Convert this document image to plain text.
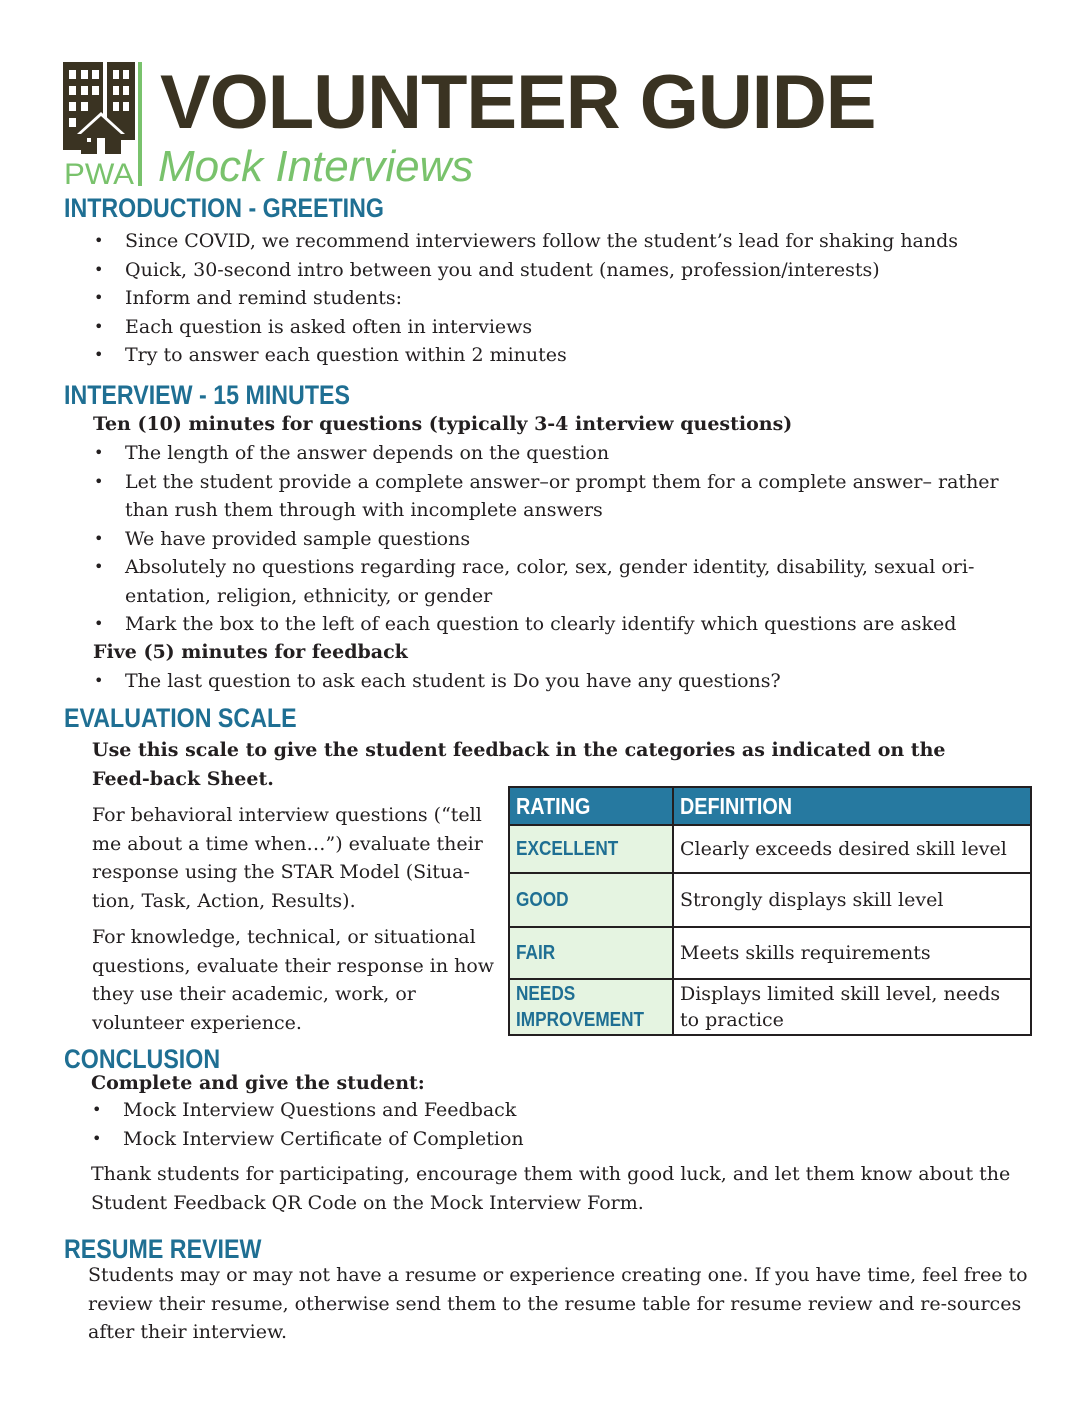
PWA
VOLUNTEER GUIDE
Mock Interviews
INTRODUCTION - GREETING
• Since COVID, we recommend interviewers follow the student’s lead for shaking hands
• Quick, 30-second intro between you and student (names, profession/interests)
• Inform and remind students:
• Each question is asked often in interviews
• Try to answer each question within 2 minutes
INTERVIEW - 15 MINUTES
Ten (10) minutes for questions (typically 3-4 interview questions)
• The length of the answer depends on the question
• Let the student provide a complete answer–or prompt them for a complete answer– rather than rush them through with incomplete answers
• We have provided sample questions
• Absolutely no questions regarding race, color, sex, gender identity, disability, sexual ori-entation, religion, ethnicity, or gender
• Mark the box to the left of each question to clearly identify which questions are asked
Five (5) minutes for feedback
• The last question to ask each student is Do you have any questions?
EVALUATION SCALE
Use this scale to give the student feedback in the categories as indicated on the Feed-back Sheet.
For behavioral interview questions (“tell me about a time when…”) evaluate their response using the STAR Model (Situa-tion, Task, Action, Results).
For knowledge, technical, or situational questions, evaluate their response in how they use their academic, work, or volunteer experience.
RATING	DEFINITION
EXCELLENT	Clearly exceeds desired skill level
GOOD	Strongly displays skill level
FAIR	Meets skills requirements
NEEDS IMPROVEMENT	Displays limited skill level, needs to practice
CONCLUSION
Complete and give the student:
• Mock Interview Questions and Feedback
• Mock Interview Certificate of Completion
Thank students for participating, encourage them with good luck, and let them know about the Student Feedback QR Code on the Mock Interview Form.
RESUME REVIEW
Students may or may not have a resume or experience creating one. If you have time, feel free to review their resume, otherwise send them to the resume table for resume review and re-sources after their interview.
